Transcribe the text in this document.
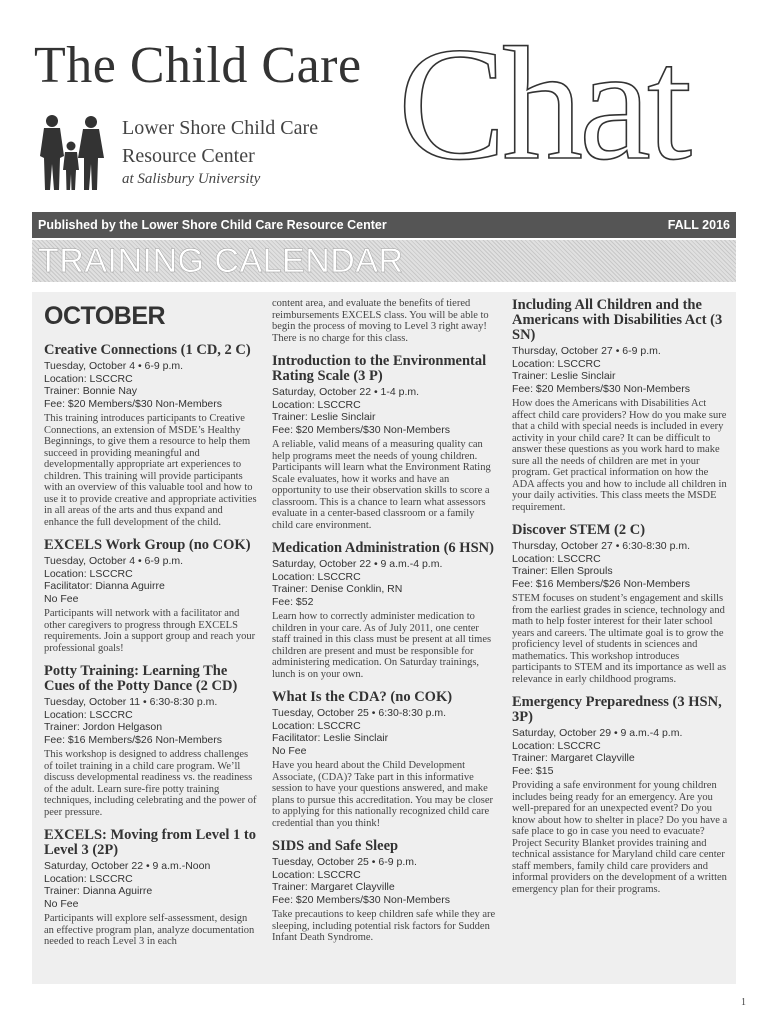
The Child Care Chat
Lower Shore Child Care
Resource Center
at Salisbury University
Published by the Lower Shore Child Care Resource Center	FALL 2016
TRAINING CALENDAR
OCTOBER
Creative Connections (1 CD, 2 C)
Tuesday, October 4 • 6-9 p.m.
Location: LSCCRC
Trainer: Bonnie Nay
Fee: $20 Members/$30 Non-Members
This training introduces participants to Creative Connections, an extension of MSDE’s Healthy Beginnings, to give them a resource to help them succeed in providing meaningful and developmentally appropriate art experiences to children. This training will provide participants with an overview of this valuable tool and how to use it to provide creative and appropriate activities in all areas of the arts and thus expand and enhance the full development of the child.
EXCELS Work Group (no COK)
Tuesday, October 4 • 6-9 p.m.
Location: LSCCRC
Facilitator: Dianna Aguirre
No Fee
Participants will network with a facilitator and other caregivers to progress through EXCELS requirements. Join a support group and reach your professional goals!
Potty Training: Learning The Cues of the Potty Dance (2 CD)
Tuesday, October 11 • 6:30-8:30 p.m.
Location: LSCCRC
Trainer: Jordon Helgason
Fee: $16 Members/$26 Non-Members
This workshop is designed to address challenges of toilet training in a child care program. We’ll discuss developmental readiness vs. the readiness of the adult. Learn sure-fire potty training techniques, including celebrating and the power of peer pressure.
EXCELS: Moving from Level 1 to Level 3 (2P)
Saturday, October 22 • 9 a.m.-Noon
Location: LSCCRC
Trainer: Dianna Aguirre
No Fee
Participants will explore self-assessment, design an effective program plan, analyze documentation needed to reach Level 3 in each
content area, and evaluate the benefits of tiered reimbursements EXCELS class. You will be able to begin the process of moving to Level 3 right away! There is no charge for this class.
Introduction to the Environmental Rating Scale (3 P)
Saturday, October 22 • 1-4 p.m.
Location: LSCCRC
Trainer: Leslie Sinclair
Fee: $20 Members/$30 Non-Members
A reliable, valid means of a measuring quality can help programs meet the needs of young children. Participants will learn what the Environment Rating Scale evaluates, how it works and have an opportunity to use their observation skills to score a classroom. This is a chance to learn what assessors evaluate in a center-based classroom or a family child care environment.
Medication Administration (6 HSN)
Saturday, October 22 • 9 a.m.-4 p.m.
Location: LSCCRC
Trainer: Denise Conklin, RN
Fee: $52
Learn how to correctly administer medication to children in your care. As of July 2011, one center staff trained in this class must be present at all times children are present and must be responsible for administering medication. On Saturday trainings, lunch is on your own.
What Is the CDA? (no COK)
Tuesday, October 25 • 6:30-8:30 p.m.
Location: LSCCRC
Facilitator: Leslie Sinclair
No Fee
Have you heard about the Child Development Associate, (CDA)? Take part in this informative session to have your questions answered, and make plans to pursue this accreditation. You may be closer to applying for this nationally recognized child care credential than you think!
SIDS and Safe Sleep
Tuesday, October 25 • 6-9 p.m.
Location: LSCCRC
Trainer: Margaret Clayville
Fee: $20 Members/$30 Non-Members
Take precautions to keep children safe while they are sleeping, including potential risk factors for Sudden Infant Death Syndrome.
Including All Children and the Americans with Disabilities Act (3 SN)
Thursday, October 27 • 6-9 p.m.
Location: LSCCRC
Trainer: Leslie Sinclair
Fee: $20 Members/$30 Non-Members
How does the Americans with Disabilities Act affect child care providers? How do you make sure that a child with special needs is included in every activity in your child care? It can be difficult to answer these questions as you work hard to make sure all the needs of children are met in your program. Get practical information on how the ADA affects you and how to include all children in your daily activities. This class meets the MSDE requirement.
Discover STEM (2 C)
Thursday, October 27 • 6:30-8:30 p.m.
Location: LSCCRC
Trainer: Ellen Sprouls
Fee: $16 Members/$26 Non-Members
STEM focuses on student’s engagement and skills from the earliest grades in science, technology and math to help foster interest for their later school years and careers. The ultimate goal is to grow the proficiency level of students in sciences and mathematics. This workshop introduces participants to STEM and its importance as well as relevance in early childhood programs.
Emergency Preparedness (3 HSN, 3P)
Saturday, October 29 • 9 a.m.-4 p.m.
Location: LSCCRC
Trainer: Margaret Clayville
Fee: $15
Providing a safe environment for young children includes being ready for an emergency. Are you well-prepared for an unexpected event? Do you know about how to shelter in place? Do you have a safe place to go in case you need to evacuate? Project Security Blanket provides training and technical assistance for Maryland child care center staff members, family child care providers and informal providers on the development of a written emergency plan for their programs.
1
